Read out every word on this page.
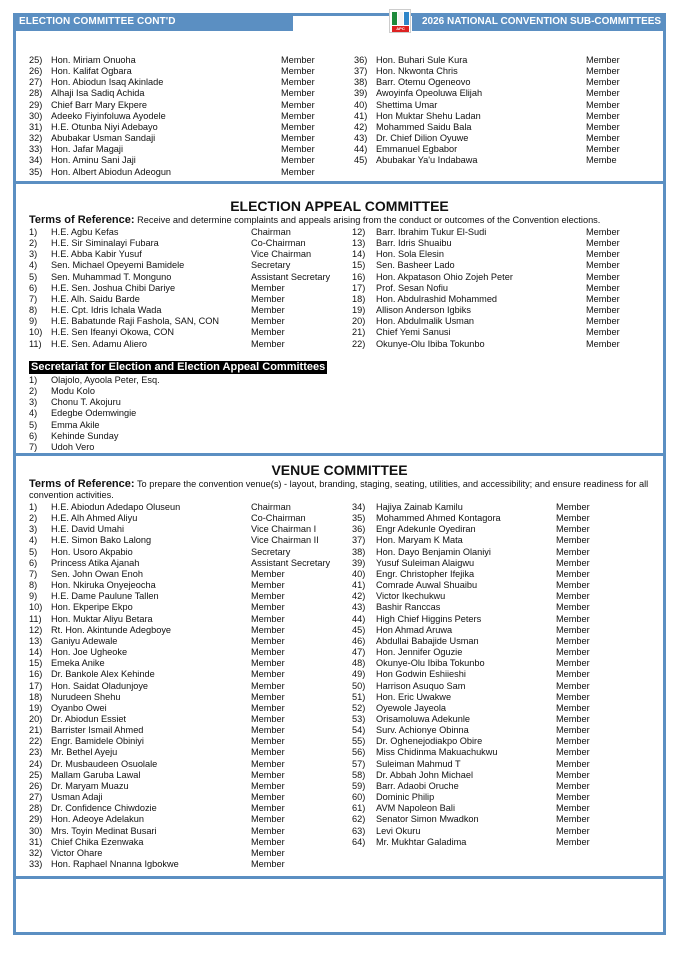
ELECTION COMMITTEE CONT'D
APC
2026 NATIONAL CONVENTION SUB-COMMITTEES - 2
25) Hon. Miriam Onuoha	Member
26) Hon. Kalifat Ogbara	Member
27) Hon. Abiodun Isaq Akinlade	Member
28) Alhaji Isa Sadiq Achida	Member
29) Chief Barr Mary Ekpere	Member
30) Adeeko Fiyinfoluwa Ayodele	Member
31) H.E. Otunba Niyi Adebayo	Member
32) Abubakar Usman Sandaji	Member
33) Hon. Jafar Magaji	Member
34) Hon. Aminu Sani Jaji	Member
35) Hon. Albert Abiodun Adeogun	Member
36) Hon. Buhari Sule Kura	Member
37) Hon. Nkwonta Chris	Member
38) Barr. Otemu Ogeneovo	Member
39) Awoyinfa Opeoluwa Elijah	Member
40) Shettima Umar	Member
41) Hon Muktar Shehu Ladan	Member
42) Mohammed Saidu Bala	Member
43) Dr. Chief Dilion Oyuwe	Member
44) Emmanuel Egbabor	Member
45) Abubakar Ya'u Indabawa	Membe
ELECTION APPEAL COMMITTEE
Terms of Reference: Receive and determine complaints and appeals arising from the conduct or outcomes of the Convention elections.
1)	H.E. Agbu Kefas	Chairman
2)	H.E. Sir Siminalayi Fubara	Co-Chairman
3)	H.E. Abba Kabir Yusuf	Vice Chairman
4)	Sen. Michael Opeyemi Bamidele	Secretary
5)	Sen. Muhammad T. Monguno	Assistant Secretary
6)	H.E. Sen. Joshua Chibi Dariye	Member
7)	H.E. Alh. Saidu Barde	Member
8)	H.E. Cpt. Idris Ichala Wada	Member
9)	H.E. Babatunde Raji Fashola, SAN, CON	Member
10) H.E. Sen Ifeanyi Okowa, CON	Member
11)	H.E. Sen. Adamu Aliero	Member
12)	Barr. Ibrahim Tukur El-Sudi	Member
13)	Barr. Idris Shuaibu	Member
14)	Hon. Sola Elesin	Member
15)	Sen. Basheer Lado	Member
16)	Hon. Akpatason Ohio Zojeh Peter	Member
17)	Prof. Sesan Nofiu	Member
18)	Hon. Abdulrashid Mohammed	Member
19)	Allison Anderson Igbiks	Member
20)	Hon. Abdulmalik Usman	Member
21)	Chief Yemi Sanusi	Member
22)	Okunye-Olu Ibiba Tokunbo	Member
Secretariat for Election and Election Appeal Committees
1)	Olajolo, Ayoola Peter, Esq.
2)	Modu Kolo
3)	Chonu T. Akojuru
4)	Edegbe Odemwingie
5)	Emma Akile
6)	Kehinde Sunday
7)	Udoh Vero
VENUE COMMITTEE
Terms of Reference: To prepare the convention venue(s) - layout, branding, staging, seating, utilities, and accessibility; and ensure readiness for all convention activities.
1)	H.E. Abiodun Adedapo Oluseun	Chairman
2)	H.E. Alh Ahmed Aliyu	Co-Chairman
3)	H.E. David Umahi	Vice Chairman I
4)	H.E. Simon Bako Lalong	Vice Chairman II
5)	Hon. Usoro Akpabio	Secretary
6)	Princess Atika Ajanah	Assistant Secretary
7)	Sen. John Owan Enoh	Member
8)	Hon. Nkiruka Onyejeocha	Member
9)	H.E. Dame Paulune Tallen	Member
10) Hon. Ekperipe Ekpo	Member
11)	Hon. Muktar Aliyu Betara	Member
12) Rt. Hon. Akintunde Adegboye	Member
13) Ganiyu Adewale	Member
14) Hon. Joe Ugheoke	Member
15) Emeka Anike	Member
16) Dr. Bankole Alex Kehinde	Member
17) Hon. Saidat Oladunjoye	Member
18) Nurudeen Shehu	Member
19) Oyanbo Owei	Member
20) Dr. Abiodun Essiet	Member
21) Barrister Ismail Ahmed	Member
22) Engr. Bamidele Obiniyi	Member
23) Mr. Bethel Ayeju	Member
24) Dr. Musbaudeen Osuolale	Member
25) Mallam Garuba Lawal	Member
26) Dr. Maryam Muazu	Member
27) Usman Adaji	Member
28) Dr. Confidence Chiwdozie	Member
29) Hon. Adeoye Adelakun	Member
30) Mrs. Toyin Medinat Busari	Member
31) Chief Chika Ezenwaka	Member
32) Victor Ohare	Member
33) Hon. Raphael Nnanna Igbokwe	Member
34)	Hajiya Zainab Kamilu	Member
35)	Mohammed Ahmed Kontagora	Member
36)	Engr Adekunle Oyediran	Member
37)	Hon. Maryam K Mata	Member
38)	Hon. Dayo Benjamin Olaniyi	Member
39)	Yusuf Suleiman Alaigwu	Member
40)	Engr. Christopher Ifejika	Member
41)	Comrade Auwal Shuaibu	Member
42)	Victor Ikechukwu	Member
43)	Bashir Ranccas	Member
44)	High Chief Higgins Peters	Member
45)	Hon Ahmad Aruwa	Member
46)	Abdullai Babajide Usman	Member
47)	Hon. Jennifer Oguzie	Member
48)	Okunye-Olu Ibiba Tokunbo	Member
49)	Hon Godwin Eshiieshi	Member
50)	Harrison Asuquo Sam	Member
51)	Hon. Eric Uwakwe	Member
52)	Oyewole Jayeola	Member
53)	Orisamoluwa Adekunle	Member
54)	Surv. Achionye Obinna	Member
55)	Dr. Oghenejodiakpo Obire	Member
56)	Miss Chidinma Makuachukwu	Member
57)	Suleiman Mahmud T	Member
58)	Dr. Abbah John Michael	Member
59)	Barr. Adaobi Oruche	Member
60)	Dominic Philip	Member
61)	AVM Napoleon Bali	Member
62)	Senator Simon Mwadkon	Member
63)	Levi Okuru	Member
64)	Mr. Mukhtar Galadima	Member
